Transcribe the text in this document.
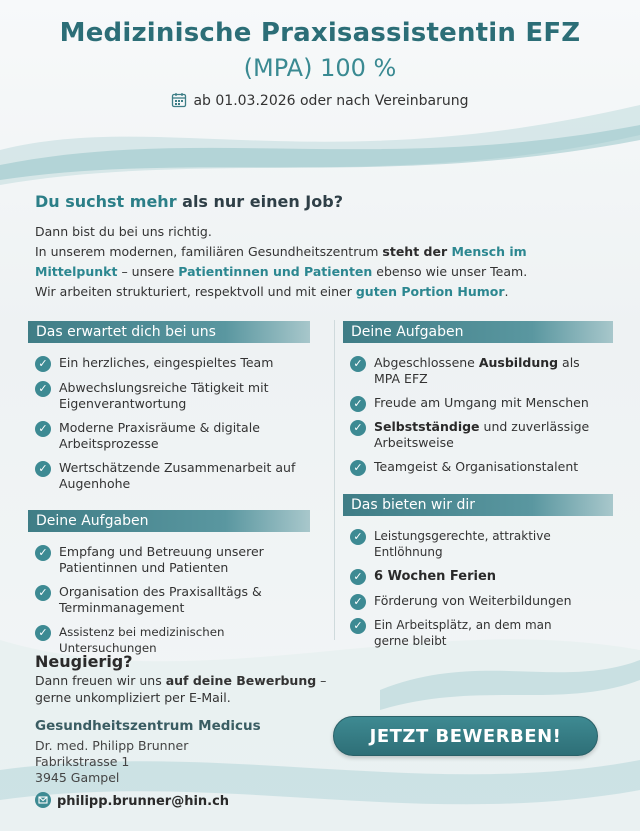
Medizinische Praxisassistentin EFZ
(MPA) 100 %
ab 01.03.2026 oder nach Vereinbarung
Du suchst mehr als nur einen Job?
Dann bist du bei uns richtig.
In unserem modernen, familiären Gesundheitszentrum steht der Mensch im Mittelpunkt – unsere Patientinnen und Patienten ebenso wie unser Team.
Wir arbeiten strukturiert, respektvoll und mit einer guten Portion Humor.
Das erwartet dich bei uns
✓ Ein herzliches, eingespieltes Team
✓ Abwechslungsreiche Tätigkeit mit Eigenverantwortung
✓ Moderne Praxisräume & digitale Arbeitsprozesse
✓ Wertschätzende Zusammenarbeit auf Augenhohe
Deine Aufgaben
✓ Empfang und Betreuung unserer Patientinnen und Patienten
✓ Organisation des Praxisalltägs & Terminmanagement
✓ Assistenz bei medizinischen Untersuchungen
Deine Aufgaben
✓ Abgeschlossene Ausbildung als MPA EFZ
✓ Freude am Umgang mit Menschen
✓ Selbstständige und zuverlässige Arbeitsweise
✓ Teamgeist & Organisationstalent
Das bieten wir dir
✓ Leistungsgerechte, attraktive Entlöhnung
✓ 6 Wochen Ferien
✓ Förderung von Weiterbildungen
✓ Ein Arbeitsplätz, an dem man gerne bleibt
Neugierig?
Dann freuen wir uns auf deine Bewerbung – gerne unkompliziert per E-Mail.
Gesundheitszentrum Medicus
Dr. med. Philipp Brunner
Fabrikstrasse 1
3945 Gampel
philipp.brunner@hin.ch
JETZT BEWERBEN!
